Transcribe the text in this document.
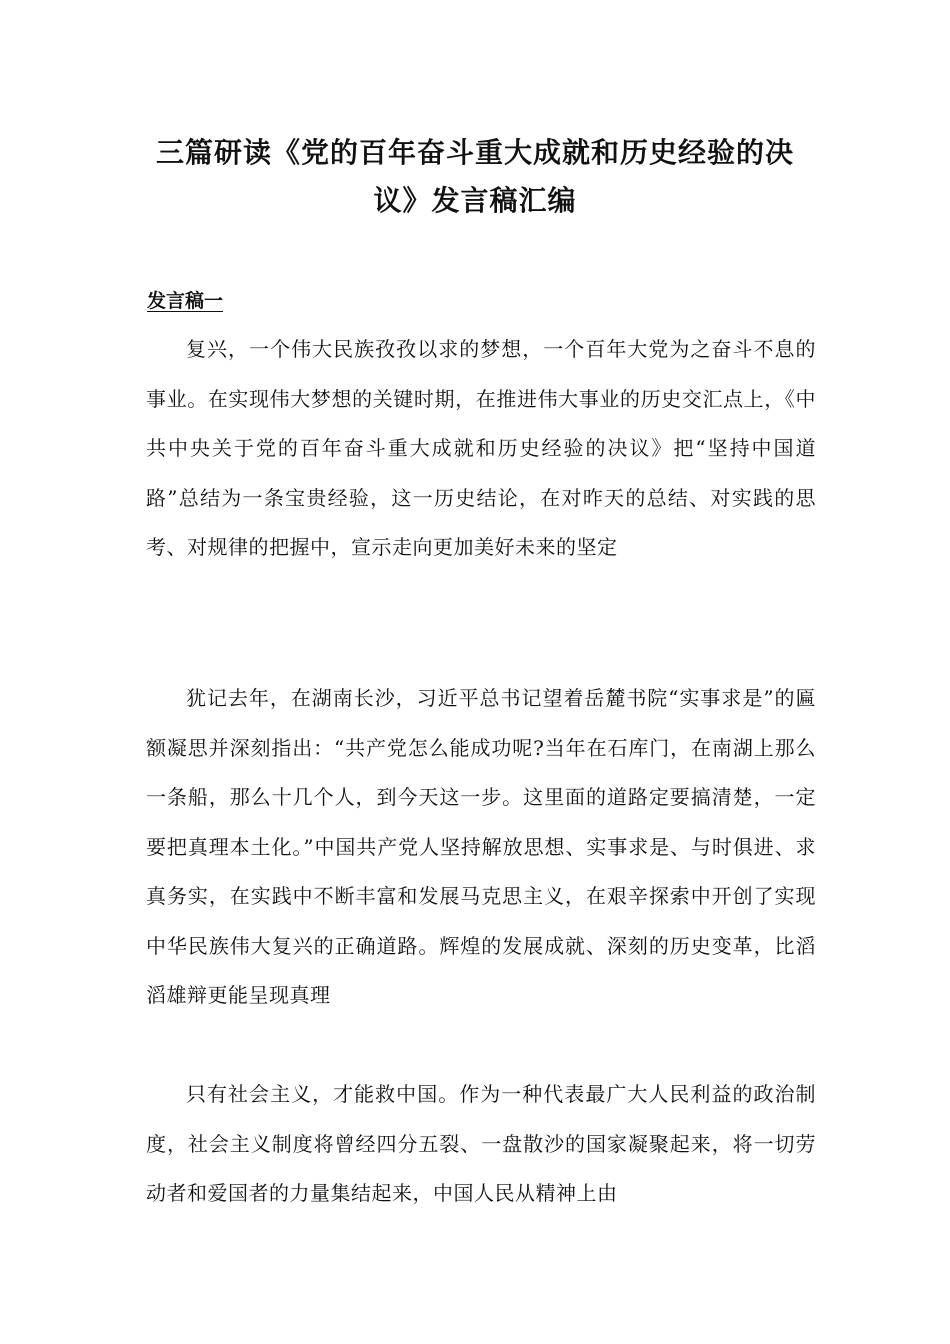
三篇研读《党的百年奋斗重大成就和历史经验的决
议》发言稿汇编
发言稿一

复兴，一个伟大民族孜孜以求的梦想，一个百年大党为之奋斗不息的事业。在实现伟大梦想的关键时期，在推进伟大事业的历史交汇点上，《中共中央关于党的百年奋斗重大成就和历史经验的决议》把“坚持中国道路”总结为一条宝贵经验，这一历史结论，在对昨天的总结、对实践的思考、对规律的把握中，宣示走向更加美好未来的坚定

犹记去年，在湖南长沙，习近平总书记望着岳麓书院“实事求是”的匾额凝思并深刻指出：“共产党怎么能成功呢?当年在石库门，在南湖上那么一条船，那么十几个人，到今天这一步。这里面的道路定要搞清楚，一定要把真理本土化。”中国共产党人坚持解放思想、实事求是、与时俱进、求真务实，在实践中不断丰富和发展马克思主义，在艰辛探索中开创了实现中华民族伟大复兴的正确道路。辉煌的发展成就、深刻的历史变革，比滔滔雄辩更能呈现真理

只有社会主义，才能救中国。作为一种代表最广大人民利益的政治制度，社会主义制度将曾经四分五裂、一盘散沙的国家凝聚起来，将一切劳动者和爱国者的力量集结起来，中国人民从精神上由
